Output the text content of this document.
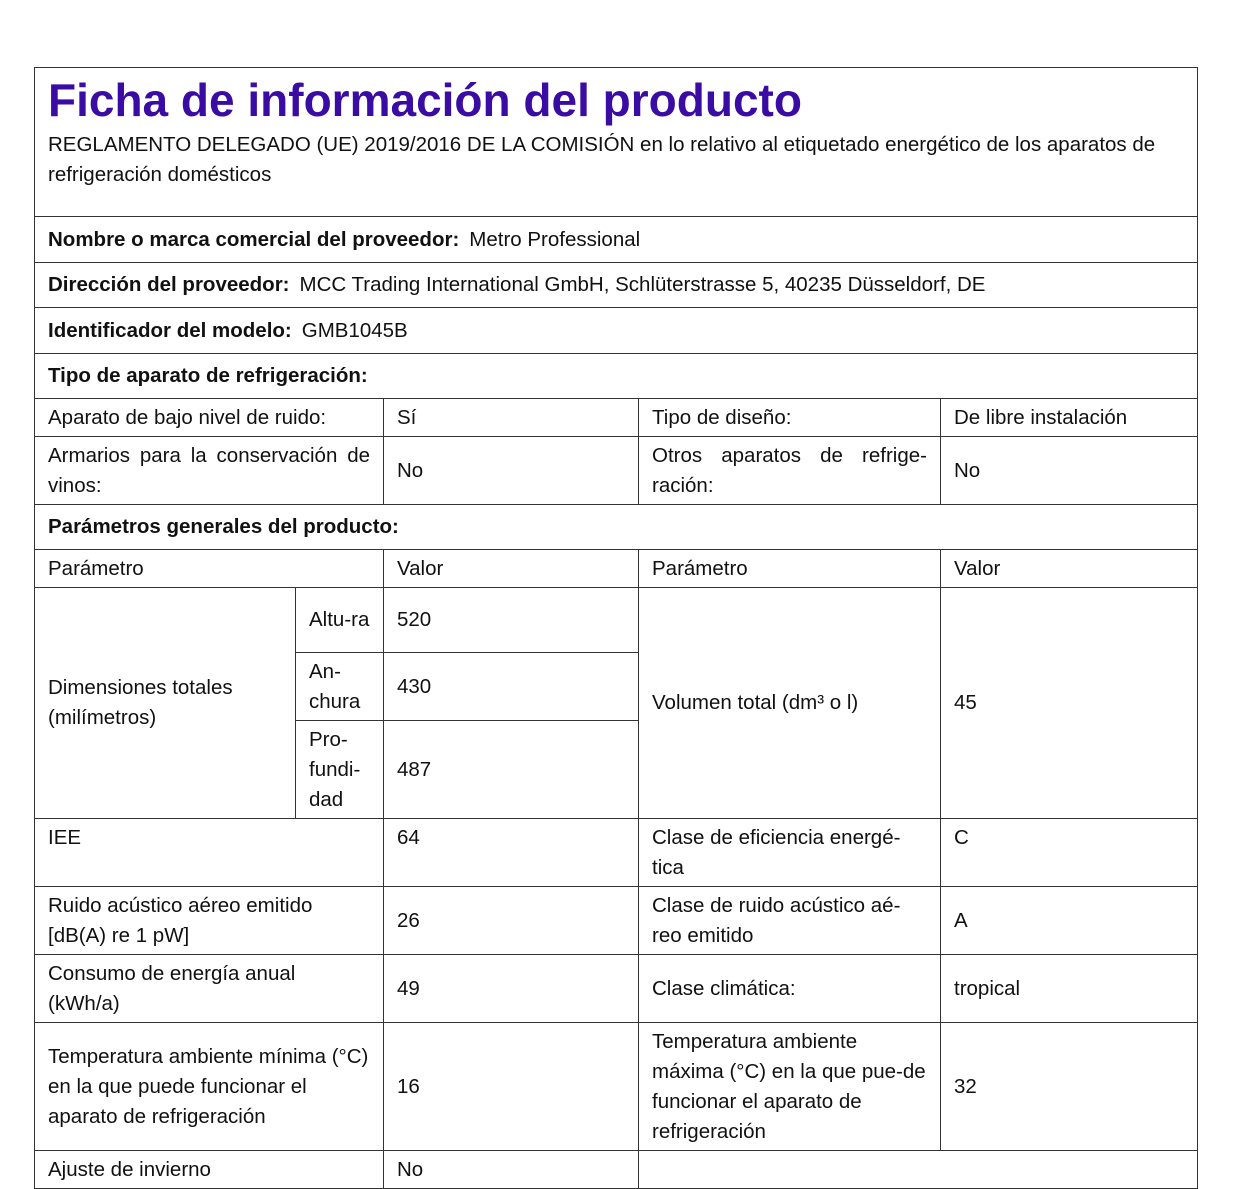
Ficha de información del producto				
REGLAMENTO DELEGADO (UE) 2019/2016 DE LA COMISIÓN en lo relativo al etiquetado energético de los aparatos de refrigeración domésticos				
Nombre o marca comercial del proveedor: Metro Professional				
Dirección del proveedor: MCC Trading International GmbH, Schlüterstrasse 5, 40235 Düsseldorf, DE				
Identificador del modelo: GMB1045B				
Tipo de aparato de refrigeración:				
Aparato de bajo nivel de ruido:		Sí	Tipo de diseño:	De libre instalación
Armarios para la conservación de vinos:		No	Otros aparatos de refrige-ración:	No
Parámetros generales del producto:				
Parámetro		Valor	Parámetro	Valor
Dimensiones totales (milímetros)	Altu-ra	520	Volumen total (dm³ o l)	45
	An-chura	430		
	Pro-fundi-dad	487		
IEE		64	Clase de eficiencia energé-tica	C
Ruido acústico aéreo emitido [dB(A) re 1 pW]		26	Clase de ruido acústico aé-reo emitido	A
Consumo de energía anual (kWh/a)		49	Clase climática:	tropical
Temperatura ambiente mínima (°C) en la que puede funcionar el aparato de refrigeración		16	Temperatura ambiente máxima (°C) en la que pue-de funcionar el aparato de refrigeración	32
Ajuste de invierno		No		
